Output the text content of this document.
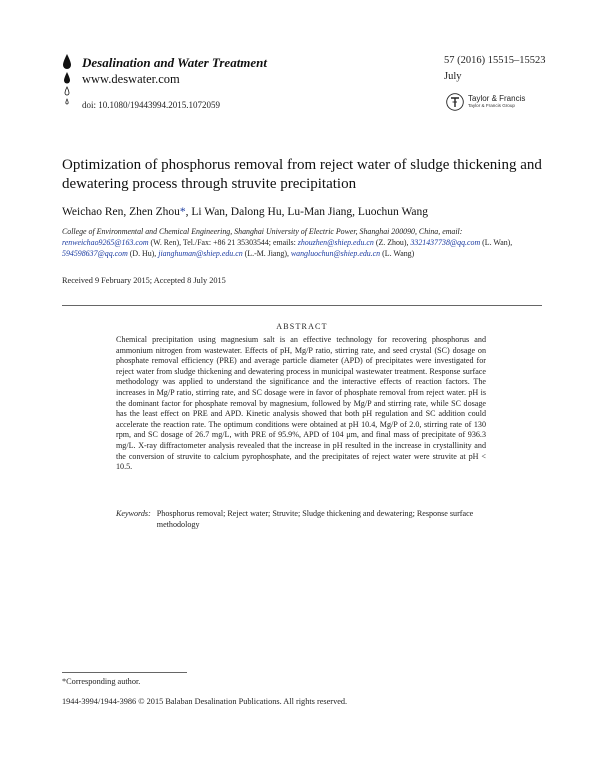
Desalination and Water Treatment
www.deswater.com
doi: 10.1080/19443994.2015.1072059
57 (2016) 15515–15523
July
Taylor & Francis
Taylor & Francis Group
Optimization of phosphorus removal from reject water of sludge thickening and dewatering process through struvite precipitation
Weichao Ren, Zhen Zhou*, Li Wan, Dalong Hu, Lu-Man Jiang, Luochun Wang
College of Environmental and Chemical Engineering, Shanghai University of Electric Power, Shanghai 200090, China, email: renweichao9265@163.com (W. Ren), Tel./Fax: +86 21 35303544; emails: zhouzhen@shiep.edu.cn (Z. Zhou), 3321437738@qq.com (L. Wan), 594598637@qq.com (D. Hu), jianghuman@shiep.edu.cn (L.-M. Jiang), wangluochun@shiep.edu.cn (L. Wang)
Received 9 February 2015; Accepted 8 July 2015
ABSTRACT
Chemical precipitation using magnesium salt is an effective technology for recovering phosphorus and ammonium nitrogen from wastewater. Effects of pH, Mg/P ratio, stirring rate, and seed crystal (SC) dosage on phosphate removal efficiency (PRE) and average particle diameter (APD) of precipitates were investigated for reject water from sludge thickening and dewatering process in municipal wastewater treatment. Response surface methodology was applied to understand the significance and the interactive effects of reaction factors. The increases in Mg/P ratio, stirring rate, and SC dosage were in favor of phosphate removal from reject water. pH is the dominant factor for phosphate removal by magnesium, followed by Mg/P and stirring rate, while SC dosage has the least effect on PRE and APD. Kinetic analysis showed that both pH regulation and SC addition could accelerate the reaction rate. The optimum conditions were obtained at pH 10.4, Mg/P of 2.0, stirring rate of 130 rpm, and SC dosage of 26.7 mg/L, with PRE of 95.9%, APD of 104 μm, and final mass of precipitate of 936.3 mg/L. X-ray diffractometer analysis revealed that the increase in pH resulted in the increase in crystallinity and the conversion of struvite to calcium pyrophosphate, and the precipitates of reject water were struvite at pH < 10.5.
Keywords: Phosphorus removal; Reject water; Struvite; Sludge thickening and dewatering; Response surface methodology
*Corresponding author.
1944-3994/1944-3986 © 2015 Balaban Desalination Publications. All rights reserved.
